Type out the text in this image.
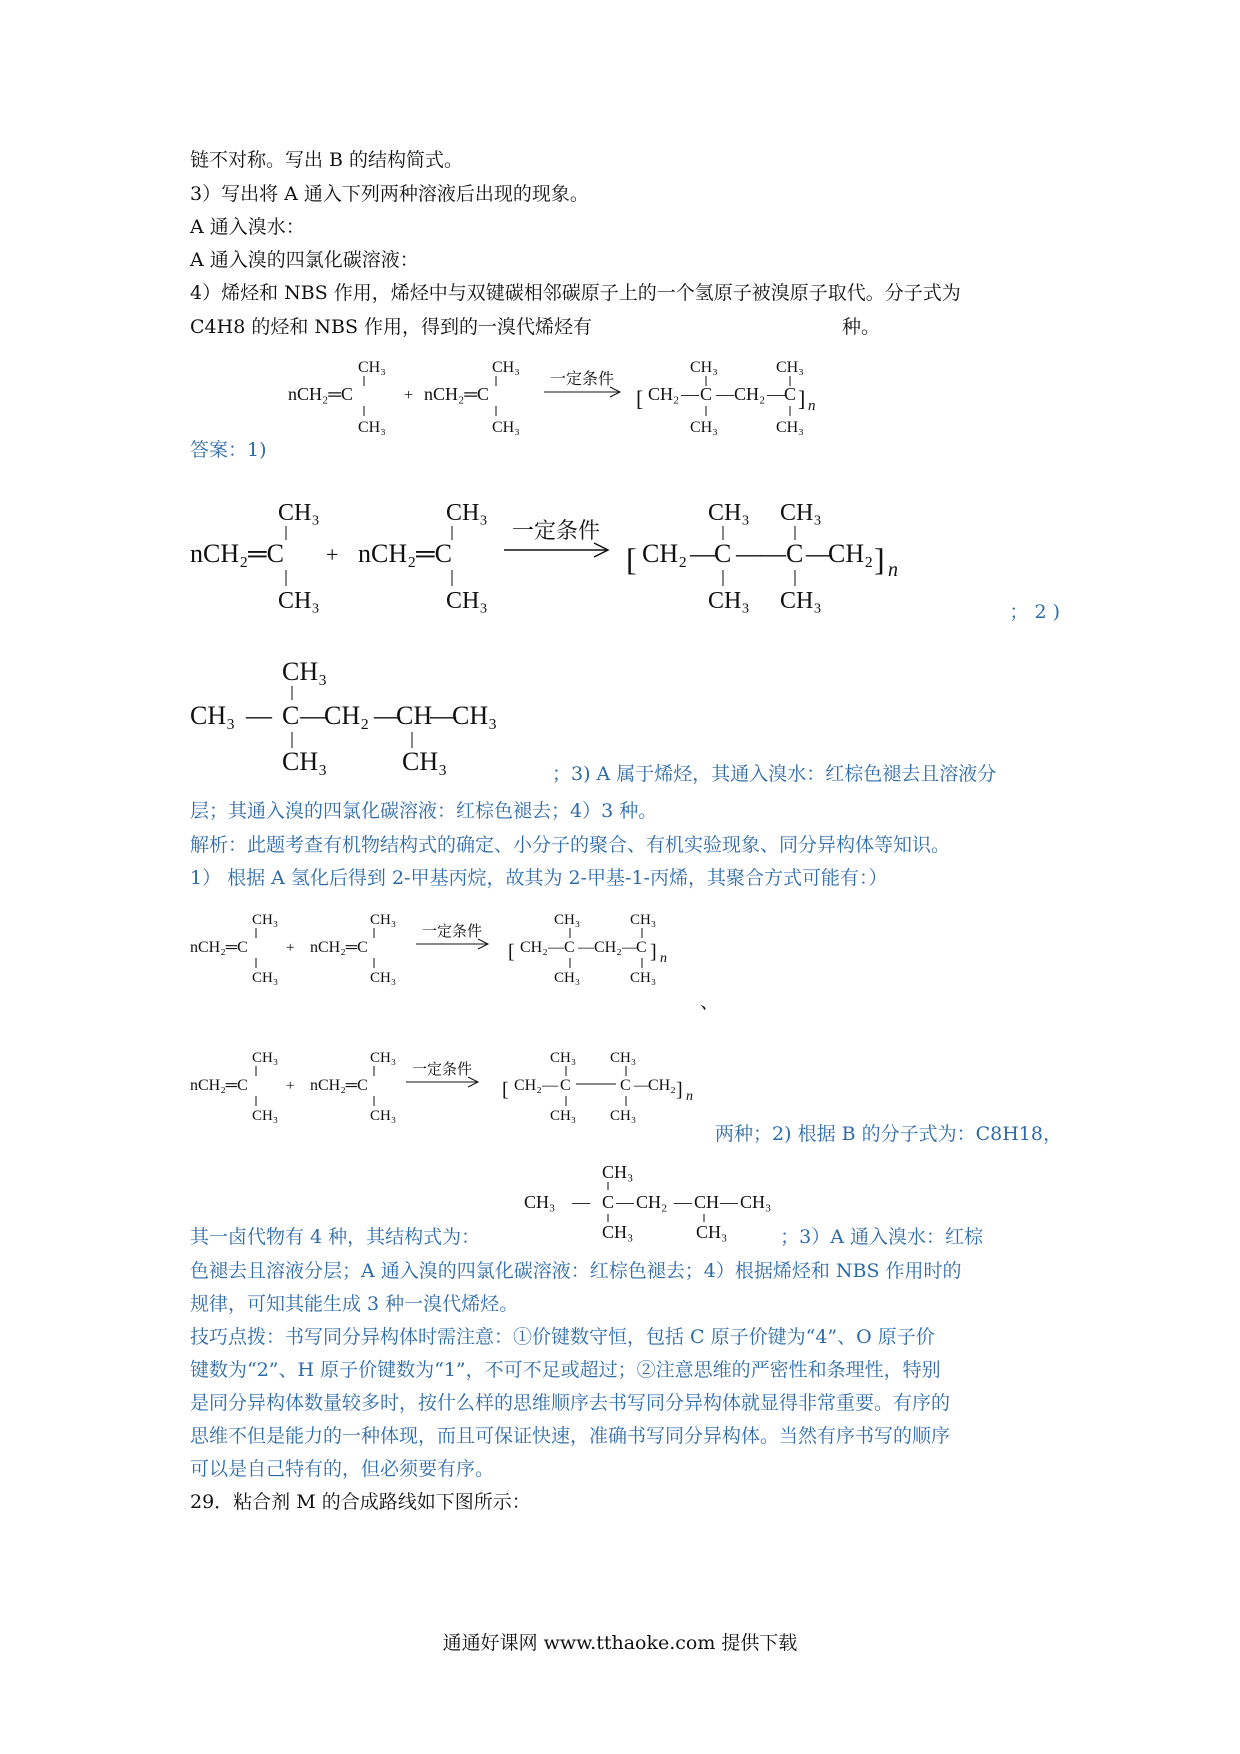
链不对称。写出 B 的结构简式。
3）写出将 A 通入下列两种溶液后出现的现象。
A 通入溴水：
A 通入溴的四氯化碳溶液：
4）烯烃和 NBS 作用，烯烃中与双键碳相邻碳原子上的一个氢原子被溴原子取代。分子式为
C4H8 的烃和 NBS 作用，得到的一溴代烯烃有	种。
nCH₂═C
CH₃
CH₃
+ nCH₂═C
CH₃
CH₃
一定条件
[ CH₂ — C
CH₃
CH₃
— CH₂ — C
CH₃
CH₃
] n
答案：1)
nCH₂═C
CH₃
CH₃
+ nCH₂═C
CH₃
CH₃
一定条件
[ CH₂ —
C
CH₃
CH₃
—
— C
CH₃
CH₃
—
CH₂ ] n
； 2 )
CH₃
CH₃ — C —
CH₂ —
CH
—
CH₃
CH₃	CH₃	；3) A 属于烯烃，其通入溴水：红棕色褪去且溶液分
层；其通入溴的四氯化碳溶液：红棕色褪去；4）3 种。
解析：此题考查有机物结构式的确定、小分子的聚合、有机实验现象、同分异构体等知识。
1） 根据 A 氢化后得到 2-甲基丙烷，故其为 2-甲基-1-丙烯，其聚合方式可能有：）
nCH₂═C
CH₃
CH₃
+ nCH₂═C
CH₃
CH₃
一定条件
[ CH₂ — C
CH₃
CH₃
— CH₂ —
C
CH₃
CH₃
] n
、
nCH₂═C
CH₃
CH₃
+ nCH₂═C
CH₃
CH₃
一定条件
[ CH₂ — C
CH₃
CH₃
C
CH₃
CH₃
—
CH₂ ] n
两种；2) 根据 B 的分子式为：C8H18，
CH₃
CH₃ — C — CH₂ — CH — CH₃
CH₃	CH₃
其一卤代物有 4 种，其结构式为：	；3）A 通入溴水：红棕
色褪去且溶液分层；A 通入溴的四氯化碳溶液：红棕色褪去；4）根据烯烃和 NBS 作用时的
规律，可知其能生成 3 种一溴代烯烃。
技巧点拨：书写同分异构体时需注意：①价键数守恒，包括 C 原子价键为“4”、O 原子价
键数为“2”、H 原子价键数为“1”，不可不足或超过；②注意思维的严密性和条理性，特别
是同分异构体数量较多时，按什么样的思维顺序去书写同分异构体就显得非常重要。有序的
思维不但是能力的一种体现，而且可保证快速，准确书写同分异构体。当然有序书写的顺序
可以是自己特有的，但必须要有序。
29．粘合剂 M 的合成路线如下图所示：
通通好课网 www.tthaoke.com 提供下载
